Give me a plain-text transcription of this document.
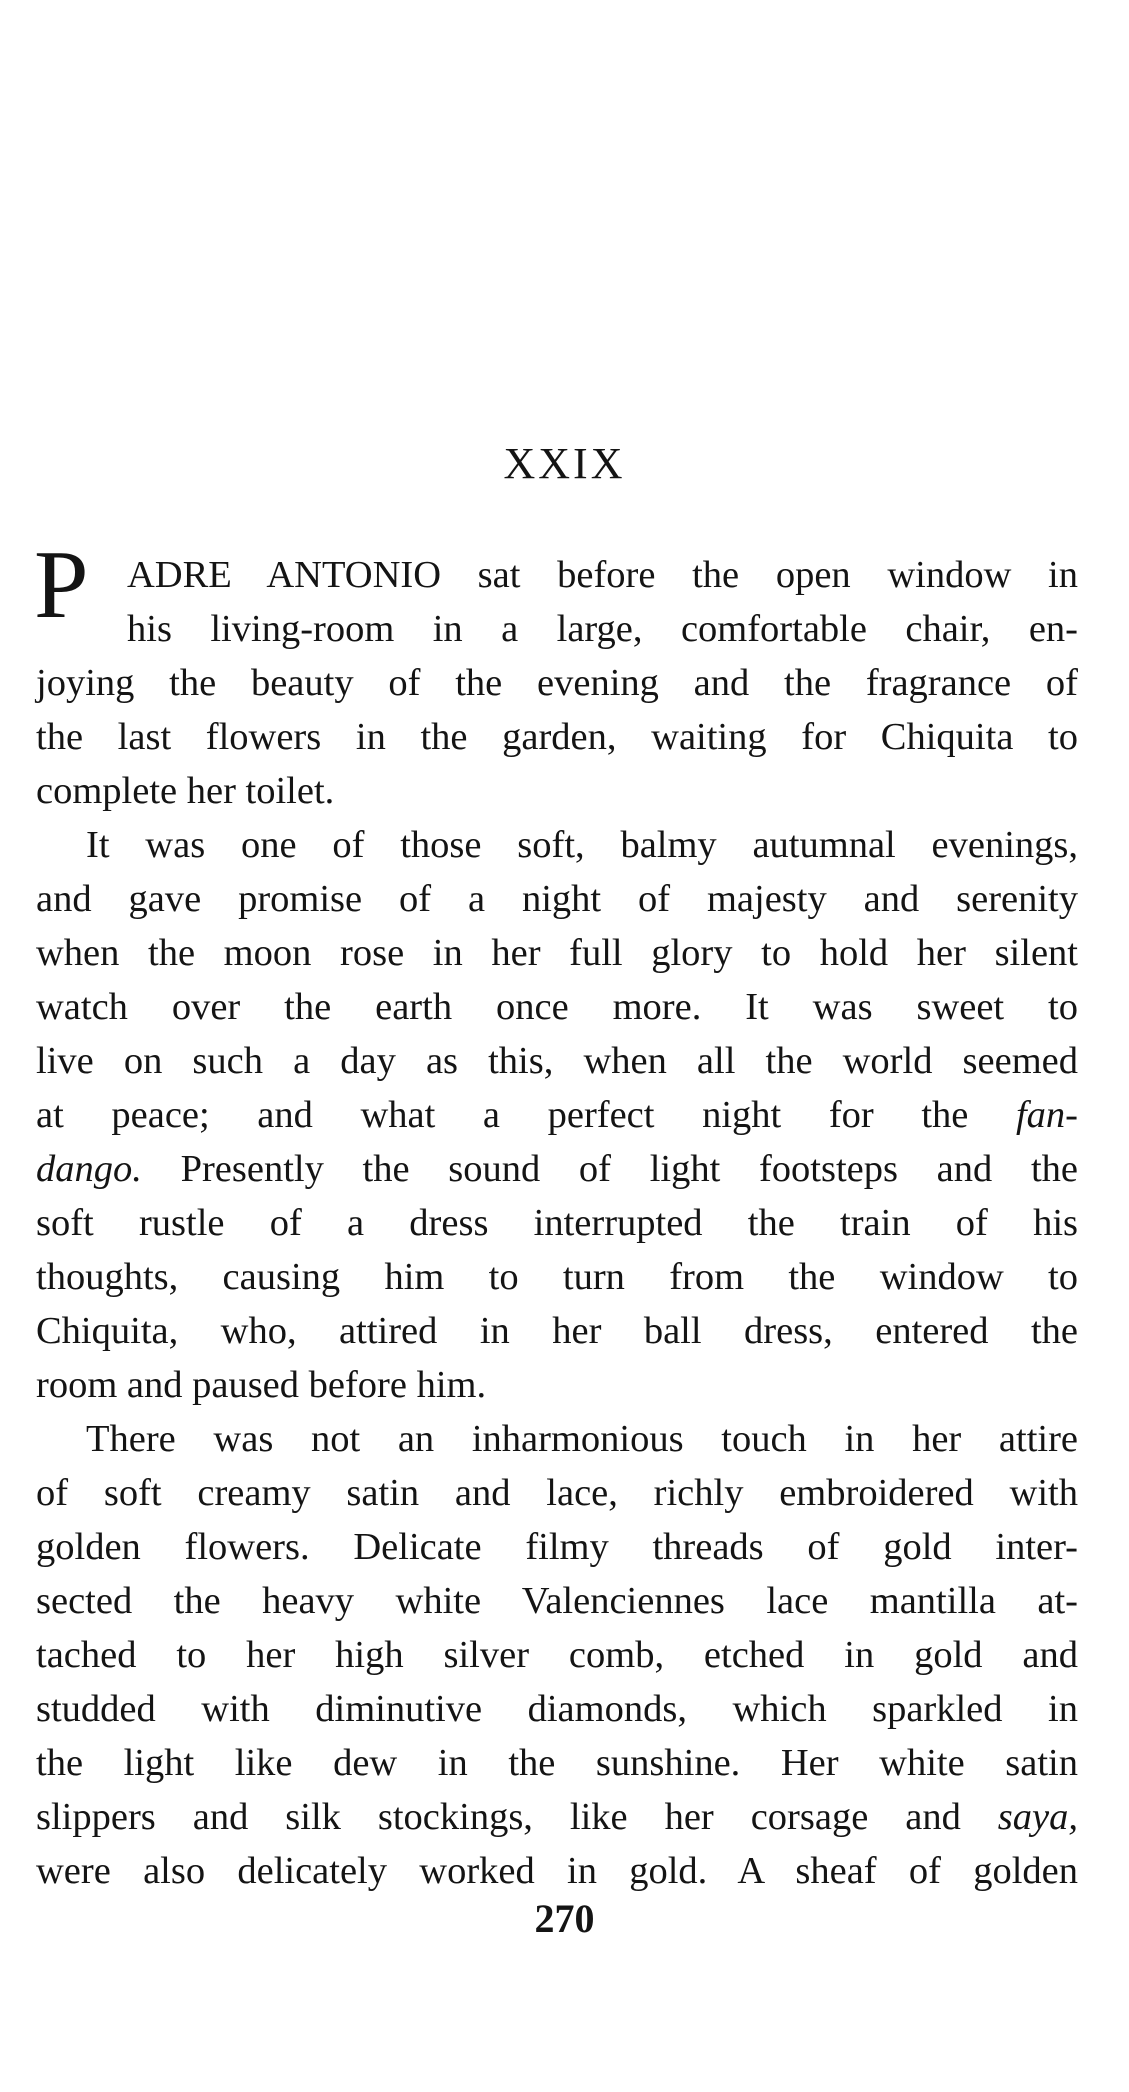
XXIX
P ADRE ANTONIO sat before the open window in
his living-room in a large, comfortable chair, en-
joying the beauty of the evening and the fragrance of
the last flowers in the garden, waiting for Chiquita to
complete her toilet.
It was one of those soft, balmy autumnal evenings,
and gave promise of a night of majesty and serenity
when the moon rose in her full glory to hold her silent
watch over the earth once more. It was sweet to
live on such a day as this, when all the world seemed
at peace; and what a perfect night for the fan-
dango. Presently the sound of light footsteps and the
soft rustle of a dress interrupted the train of his
thoughts, causing him to turn from the window to
Chiquita, who, attired in her ball dress, entered the
room and paused before him.
There was not an inharmonious touch in her attire
of soft creamy satin and lace, richly embroidered with
golden flowers. Delicate filmy threads of gold inter-
sected the heavy white Valenciennes lace mantilla at-
tached to her high silver comb, etched in gold and
studded with diminutive diamonds, which sparkled in
the light like dew in the sunshine. Her white satin
slippers and silk stockings, like her corsage and saya,
were also delicately worked in gold. A sheaf of golden
270
